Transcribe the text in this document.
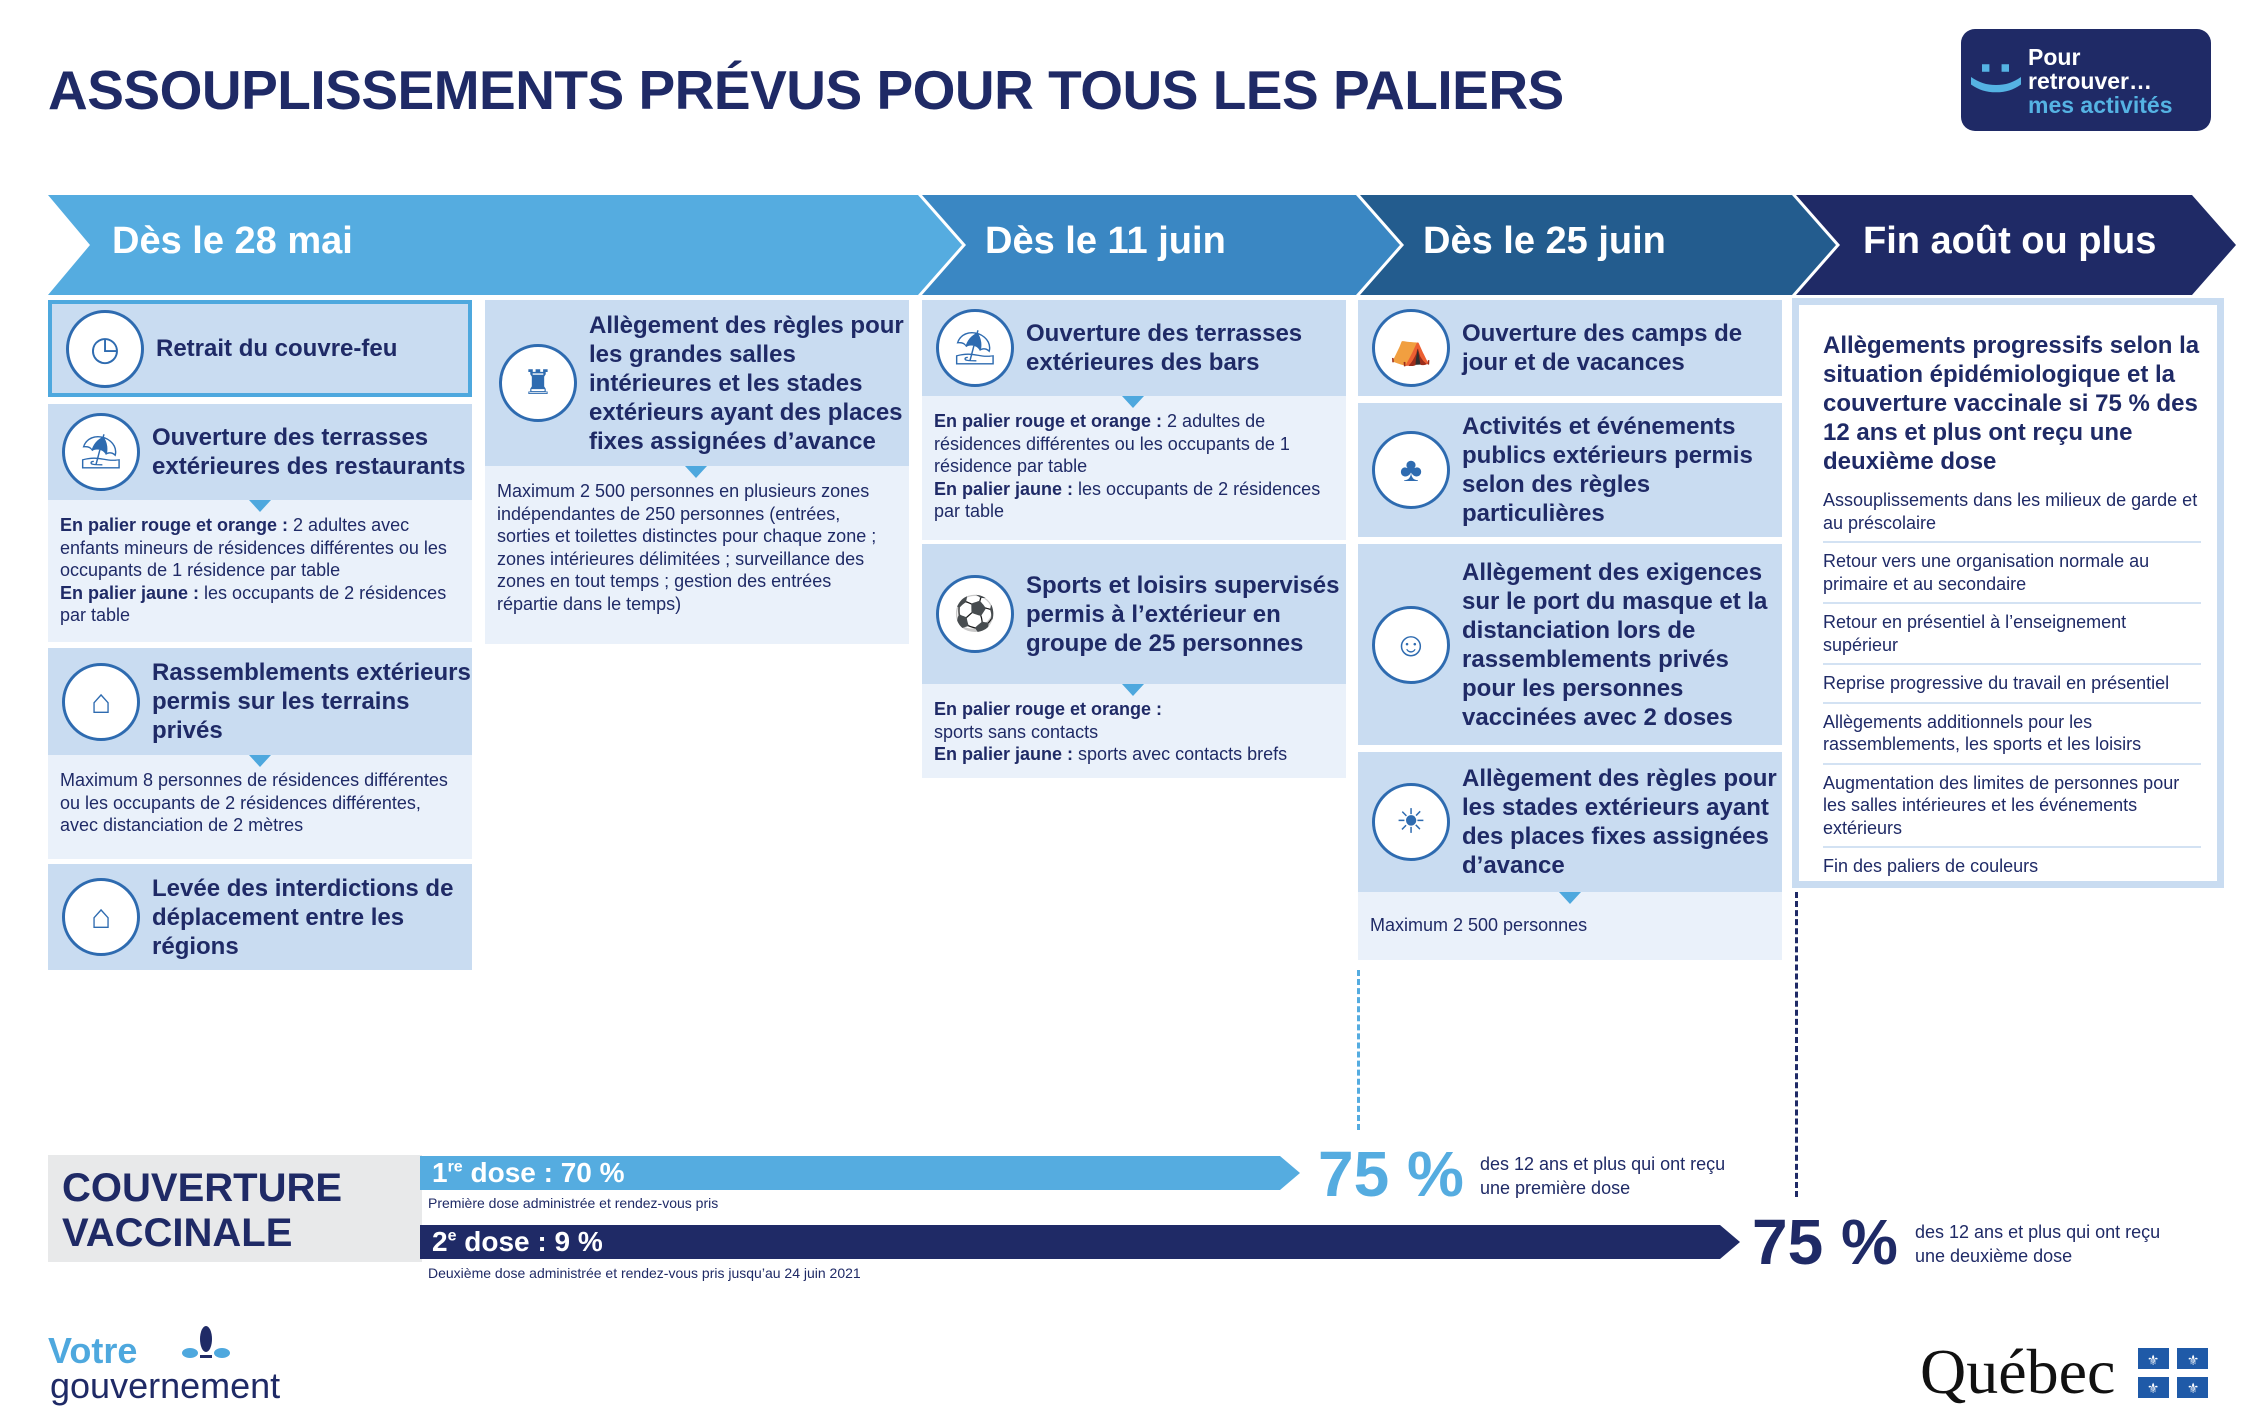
ASSOUPLISSEMENTS PRÉVUS POUR TOUS LES PALIERS	:)
Pour
retrouver…
mes activités
Dès le 28 mai	Dès le 11 juin	Dès le 25 juin	Fin août ou plus
◷	Retrait du couvre-feu
⛱	Ouverture des terrasses extérieures des restaurants
En palier rouge et orange : 2 adultes avec enfants mineurs de résidences différentes ou les occupants de 1 résidence par table
En palier jaune : les occupants de 2 résidences par table
⌂
Rassemblements extérieurs permis sur les terrains privés
Maximum 8 personnes de résidences différentes ou les occupants de 2 résidences différentes, avec distanciation de 2 mètres
⌂
Levée des interdictions de déplacement entre les régions
♜
Allègement des règles pour les grandes salles intérieures et les stades extérieurs ayant des places fixes assignées d’avance
Maximum 2 500 personnes en plusieurs zones indépendantes de 250 personnes (entrées, sorties et toilettes distinctes pour chaque zone ; zones intérieures délimitées ; surveillance des zones en tout temps ; gestion des entrées répartie dans le temps)
⛱	Ouverture des terrasses extérieures des bars
En palier rouge et orange : 2 adultes de résidences différentes ou les occupants de 1 résidence par table
En palier jaune : les occupants de 2 résidences par table
⚽
Sports et loisirs supervisés permis à l’extérieur en groupe de 25 personnes
En palier rouge et orange :
sports sans contacts
En palier jaune : sports avec contacts brefs
⛺	Ouverture des camps de jour et de vacances
♣
Activités et événements publics extérieurs permis selon des règles particulières
☺
Allègement des exigences sur le port du masque et la distanciation lors de rassemblements privés pour les personnes vaccinées avec 2 doses
☀
Allègement des règles pour les stades extérieurs ayant des places fixes assignées d’avance
Maximum 2 500 personnes
Allègements progressifs selon la situation épidémiologique et la couverture vaccinale si 75 % des 12 ans et plus ont reçu une deuxième dose
Assouplissements dans les milieux de garde et au préscolaire
Retour vers une organisation normale au primaire et au secondaire
Retour en présentiel à l’enseignement supérieur
Reprise progressive du travail en présentiel
Allègements additionnels pour les rassemblements, les sports et les loisirs
Augmentation des limites de personnes pour les salles intérieures et les événements extérieurs
Fin des paliers de couleurs
COUVERTURE
VACCINALE
1re dose : 70 %
Première dose administrée et rendez-vous pris	75 % des 12 ans et plus qui ont reçu une première dose
2e dose : 9 %
Deuxième dose administrée et rendez-vous pris jusqu’au 24 juin 2021	75 % des 12 ans et plus qui ont reçu une deuxième dose
Votre
gouvernement	Québec ⚜ ⚜
⚜ ⚜
